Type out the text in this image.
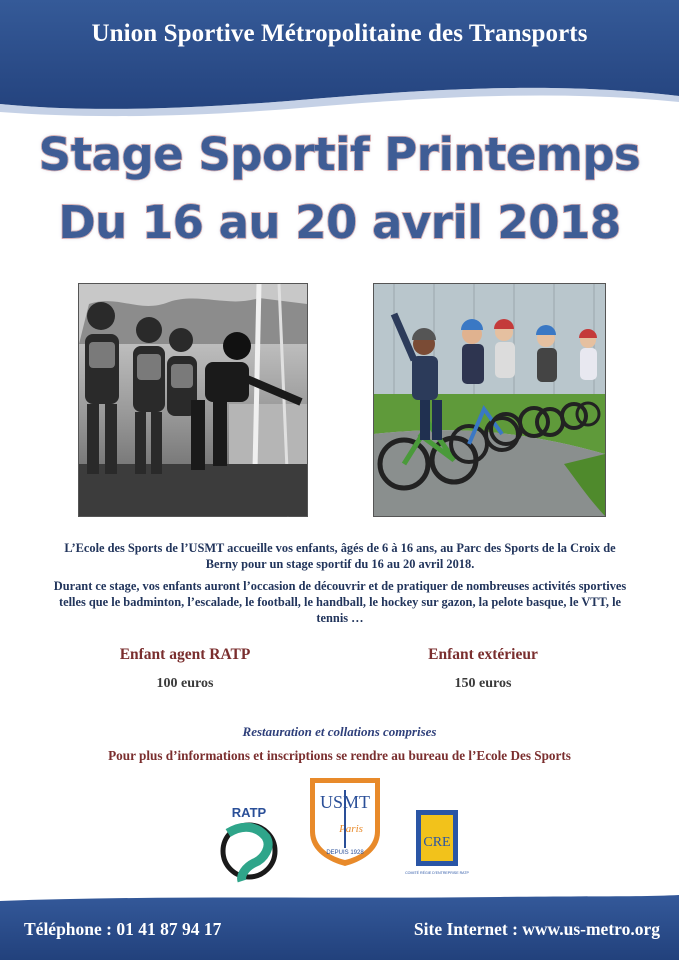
Union Sportive Métropolitaine des Transports
Stage Sportif Printemps
Du 16 au 20 avril 2018
L’Ecole des Sports de l’USMT accueille vos enfants, âgés de 6 à 16 ans, au Parc des Sports de la Croix de Berny pour un stage sportif du 16 au 20 avril 2018.
Durant ce stage, vos enfants auront l’occasion de découvrir et de pratiquer de nombreuses activités sportives telles que le badminton, l’escalade, le football, le handball, le hockey sur gazon, la pelote basque, le VTT, le tennis …
Enfant agent RATP
100 euros
Enfant extérieur
150 euros
Restauration et collations comprises
Pour plus d’informations et inscriptions se rendre au bureau de l’Ecole Des Sports
RATP
USMT
Paris
DEPUIS 1928
CRE
COMITÉ RÉGIE D’ENTREPRISE RATP
Téléphone : 01 41 87 94 17	Site Internet : www.us-metro.org
